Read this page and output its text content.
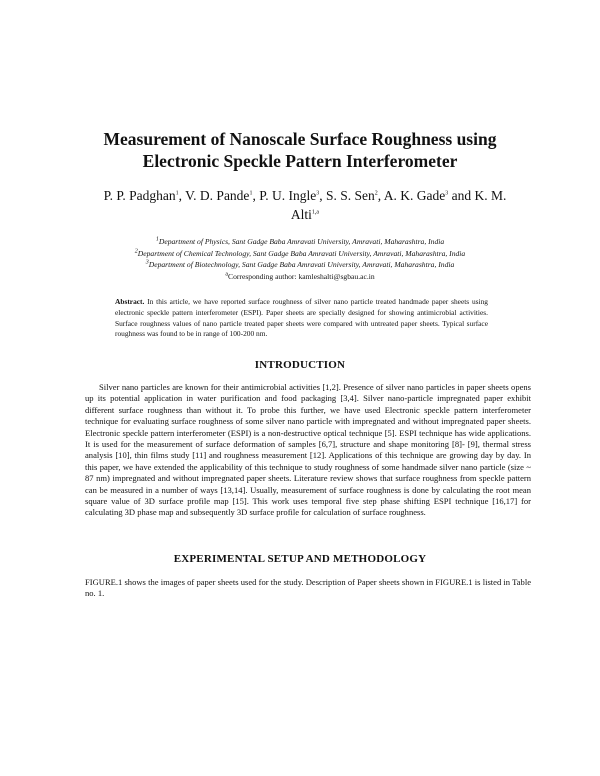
Measurement of Nanoscale Surface Roughness using
Electronic Speckle Pattern Interferometer
P. P. Padghan$^1$, V. D. Pande$^1$, P. U. Ingle$^3$, S. S. Sen$^2$, A. K. Gade$^3$ and K. M. Alti$^{1,a}$
$^1$Department of Physics, Sant Gadge Baba Amravati University, Amravati, Maharashtra, India
$^2$Department of Chemical Technology, Sant Gadge Baba Amravati University, Amravati, Maharashtra, India
$^3$Department of Biotechnology, Sant Gadge Baba Amravati University, Amravati, Maharashtra, India
$^a$Corresponding author: kamleshalti@sgbau.ac.in
Abstract. In this article, we have reported surface roughness of silver nano particle treated handmade paper sheets using electronic speckle pattern interferometer (ESPI). Paper sheets are specially designed for showing antimicrobial activities. Surface roughness values of nano particle treated paper sheets were compared with untreated paper sheets. Typical surface roughness was found to be in range of 100-200 nm.
INTRODUCTION
Silver nano particles are known for their antimicrobial activities [1,2]. Presence of silver nano particles in paper sheets opens up its potential application in water purification and food packaging [3,4]. Silver nano-particle impregnated paper exhibit different surface roughness than without it. To probe this further, we have used Electronic speckle pattern interferometer technique for evaluating surface roughness of some silver nano particle with impregnated and without impregnated paper sheets. Electronic speckle pattern interferometer (ESPI) is a non-destructive optical technique [5]. ESPI technique has wide applications. It is used for the measurement of surface deformation of samples [6,7], structure and shape monitoring [8]- [9], thermal stress analysis [10], thin films study [11] and roughness measurement [12]. Applications of this technique are growing day by day. In this paper, we have extended the applicability of this technique to study roughness of some handmade silver nano particle (size ~ 87 nm) impregnated and without impregnated paper sheets. Literature review shows that surface roughness from speckle pattern can be measured in a number of ways [13,14]. Usually, measurement of surface roughness is done by calculating the root mean square value of 3D surface profile map [15]. This work uses temporal five step phase shifting ESPI technique [16,17] for calculating 3D phase map and subsequently 3D surface profile for calculation of surface roughness.
EXPERIMENTAL SETUP AND METHODOLOGY
FIGURE.1 shows the images of paper sheets used for the study. Description of Paper sheets shown in FIGURE.1 is listed in Table no. 1.
